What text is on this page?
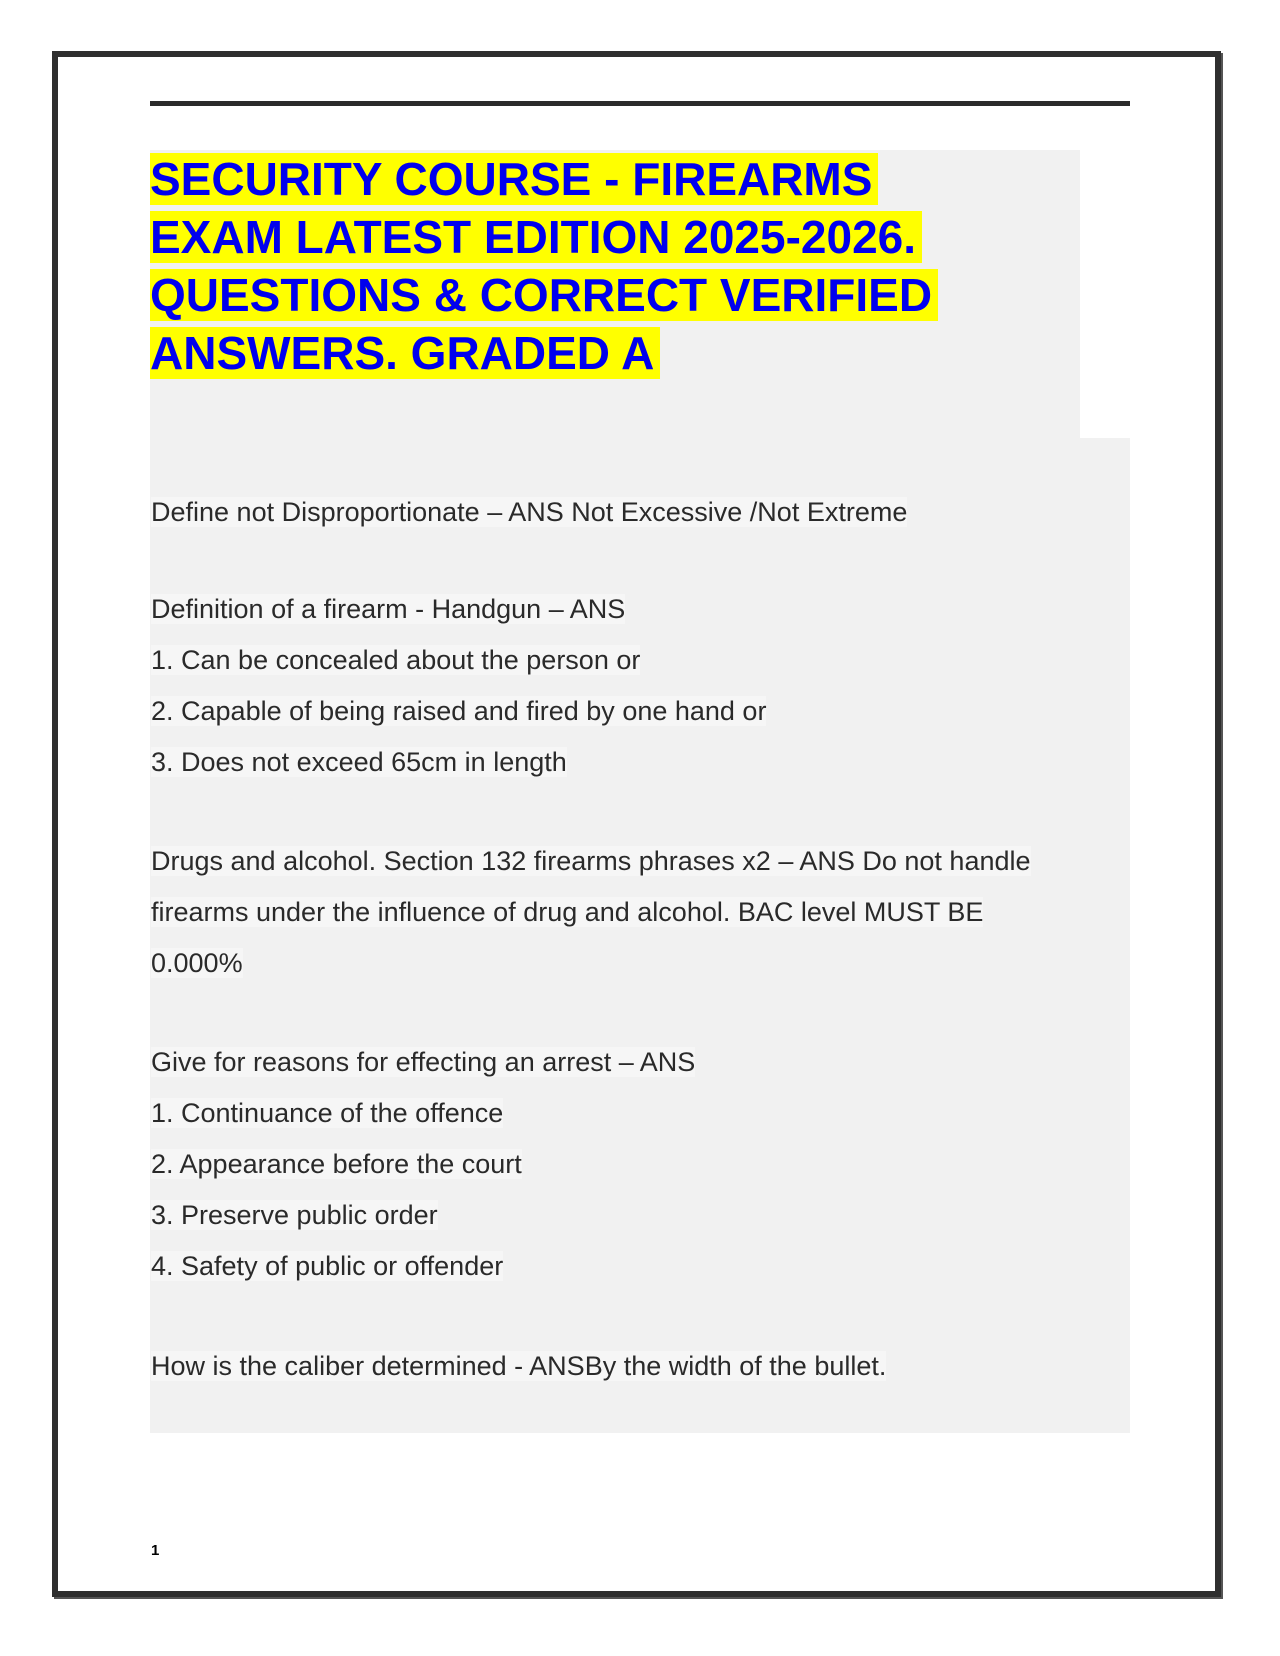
SECURITY COURSE - FIREARMS
EXAM LATEST EDITION 2025-2026.
QUESTIONS & CORRECT VERIFIED
ANSWERS. GRADED A
Define not Disproportionate – ANS Not Excessive /Not Extreme
Definition of a firearm - Handgun – ANS
1. Can be concealed about the person or
2. Capable of being raised and fired by one hand or
3. Does not exceed 65cm in length
Drugs and alcohol. Section 132 firearms phrases x2 – ANS Do not handle
firearms under the influence of drug and alcohol. BAC level MUST BE
0.000%
Give for reasons for effecting an arrest – ANS
1. Continuance of the offence
2. Appearance before the court
3. Preserve public order
4. Safety of public or offender
How is the caliber determined - ANSBy the width of the bullet.
1
